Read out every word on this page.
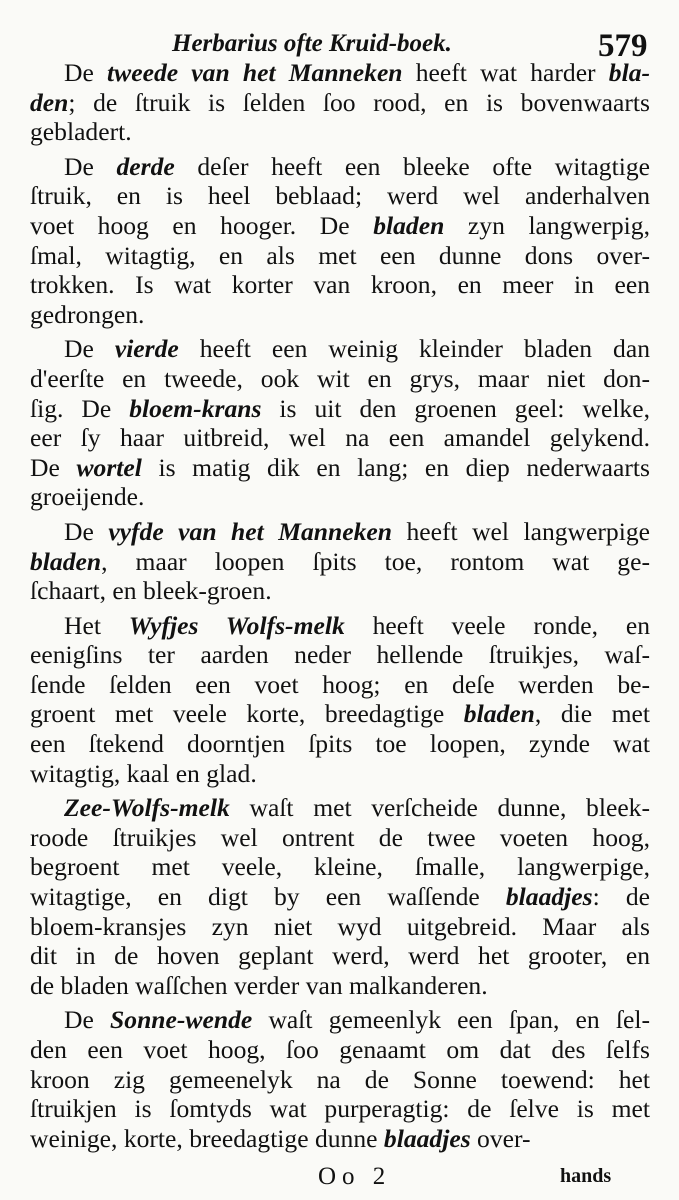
Herbarius ofte Kruid-boek.	579
De tweede van het Manneken heeft wat harder bla-
den; de ſtruik is ſelden ſoo rood, en is bovenwaarts
gebladert.
De derde deſer heeft een bleeke ofte witagtige
ſtruik, en is heel beblaad; werd wel anderhalven
voet hoog en hooger. De bladen zyn langwerpig,
ſmal, witagtig, en als met een dunne dons over-
trokken. Is wat korter van kroon, en meer in een
gedrongen.
De vierde heeft een weinig kleinder bladen dan
d'eerſte en tweede, ook wit en grys, maar niet don-
ſig. De bloem-krans is uit den groenen geel: welke,
eer ſy haar uitbreid, wel na een amandel gelykend.
De wortel is matig dik en lang; en diep nederwaarts
groeijende.
De vyfde van het Manneken heeft wel langwerpige
bladen, maar loopen ſpits toe, rontom wat ge-
ſchaart, en bleek-groen.
Het Wyfjes Wolfs-melk heeft veele ronde, en
eenigſins ter aarden neder hellende ſtruikjes, waſ-
ſende ſelden een voet hoog; en deſe werden be-
groent met veele korte, breedagtige bladen, die met
een ſtekend doorntjen ſpits toe loopen, zynde wat
witagtig, kaal en glad.
Zee-Wolfs-melk waſt met verſcheide dunne, bleek-
roode ſtruikjes wel ontrent de twee voeten hoog,
begroent met veele, kleine, ſmalle, langwerpige,
witagtige, en digt by een waſſende blaadjes: de
bloem-kransjes zyn niet wyd uitgebreid. Maar als
dit in de hoven geplant werd, werd het grooter, en
de bladen waſſchen verder van malkanderen.
De Sonne-wende waſt gemeenlyk een ſpan, en ſel-
den een voet hoog, ſoo genaamt om dat des ſelfs
kroon zig gemeenelyk na de Sonne toewend: het
ſtruikjen is ſomtyds wat purperagtig: de ſelve is met
weinige, korte, breedagtige dunne blaadjes over-
Oo 2	hands
